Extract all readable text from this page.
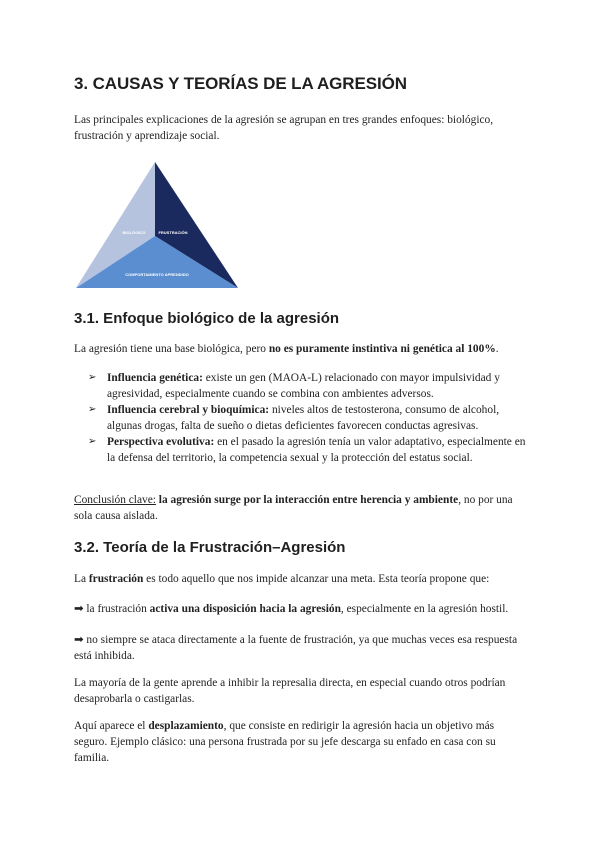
3. CAUSAS Y TEORÍAS DE LA AGRESIÓN

Las principales explicaciones de la agresión se agrupan en tres grandes enfoques: biológico, frustración y aprendizaje social.

BIOLÓGICO	FRUSTRACIÓN
COMPORTAMIENTO APRENDIDO
3.1. Enfoque biológico de la agresión

La agresión tiene una base biológica, pero no es puramente instintiva ni genética al 100%.

➢ Influencia genética: existe un gen (MAOA-L) relacionado con mayor impulsividad y agresividad, especialmente cuando se combina con ambientes adversos.
➢ Influencia cerebral y bioquímica: niveles altos de testosterona, consumo de alcohol, algunas drogas, falta de sueño o dietas deficientes favorecen conductas agresivas.
➢ Perspectiva evolutiva: en el pasado la agresión tenía un valor adaptativo, especialmente en la defensa del territorio, la competencia sexual y la protección del estatus social.

Conclusión clave: la agresión surge por la interacción entre herencia y ambiente, no por una sola causa aislada.

3.2. Teoría de la Frustración–Agresión

La frustración es todo aquello que nos impide alcanzar una meta. Esta teoría propone que:

➡ la frustración activa una disposición hacia la agresión, especialmente en la agresión hostil.

➡ no siempre se ataca directamente a la fuente de frustración, ya que muchas veces esa respuesta está inhibida.

La mayoría de la gente aprende a inhibir la represalia directa, en especial cuando otros podrían desaprobarla o castigarlas.

Aquí aparece el desplazamiento, que consiste en redirigir la agresión hacia un objetivo más seguro. Ejemplo clásico: una persona frustrada por su jefe descarga su enfado en casa con su familia.
